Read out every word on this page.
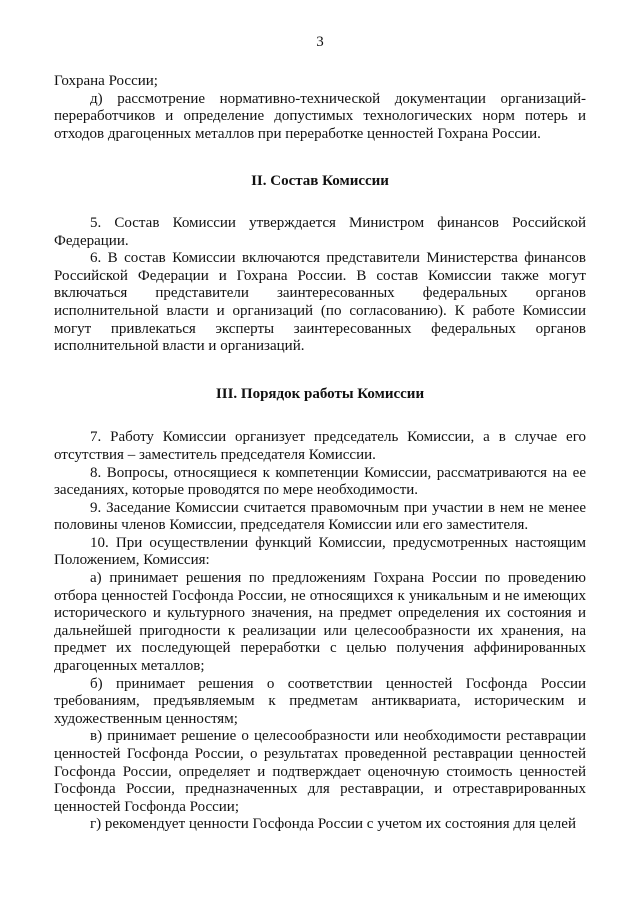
3

Гохранa России;

д) рассмотрение нормативно-технической документации организаций-переработчиков и определение допустимых технологических норм потерь и отходов драгоценных металлов при переработке ценностей Гохрана России.

II. Состав Комиссии

5. Состав Комиссии утверждается Министром финансов Российской Федерации.

6. В состав Комиссии включаются представители Министерства финансов Российской Федерации и Гохрана России. В состав Комиссии также могут включаться представители заинтересованных федеральных органов исполнительной власти и организаций (по согласованию). К работе Комиссии могут привлекаться эксперты заинтересованных федеральных органов исполнительной власти и организаций.

III. Порядок работы Комиссии

7. Работу Комиссии организует председатель Комиссии, а в случае его отсутствия – заместитель председателя Комиссии.

8. Вопросы, относящиеся к компетенции Комиссии, рассматриваются на ее заседаниях, которые проводятся по мере необходимости.

9. Заседание Комиссии считается правомочным при участии в нем не менее половины членов Комиссии, председателя Комиссии или его заместителя.

10. При осуществлении функций Комиссии, предусмотренных настоящим Положением, Комиссия:

а) принимает решения по предложениям Гохрана России по проведению отбора ценностей Госфонда России, не относящихся к уникальным и не имеющих исторического и культурного значения, на предмет определения их состояния и дальнейшей пригодности к реализации или целесообразности их хранения, на предмет их последующей переработки с целью получения аффинированных драгоценных металлов;

б) принимает решения о соответствии ценностей Госфонда России требованиям, предъявляемым к предметам антиквариата, историческим и художественным ценностям;

в) принимает решение о целесообразности или необходимости реставрации ценностей Госфонда России, о результатах проведенной реставрации ценностей Госфонда России, определяет и подтверждает оценочную стоимость ценностей Госфонда России, предназначенных для реставрации, и отреставрированных ценностей Госфонда России;

г) рекомендует ценности Госфонда России с учетом их состояния для целей
